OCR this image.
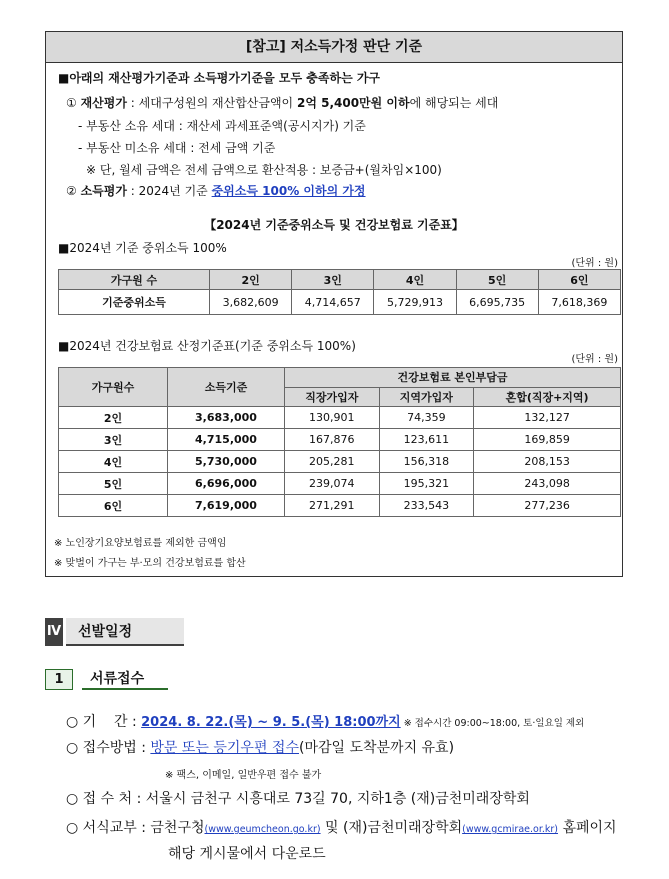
[참고] 저소득가정 판단 기준
■아래의 재산평가기준과 소득평가기준을 모두 충족하는 가구
① 재산평가 : 세대구성원의 재산합산금액이 2억 5,400만원 이하에 해당되는 세대
- 부동산 소유 세대 : 재산세 과세표준액(공시지가) 기준
- 부동산 미소유 세대 : 전세 금액 기준
※ 단, 월세 금액은 전세 금액으로 환산적용 : 보증금+(월차임×100)
② 소득평가 : 2024년 기준 중위소득 100% 이하의 가정
【2024년 기준중위소득 및 건강보험료 기준표】
■2024년 기준 중위소득 100%
(단위 : 원)
가구원 수	2인	3인	4인	5인	6인
기준중위소득	3,682,609	4,714,657	5,729,913	6,695,735	7,618,369
■2024년 건강보험료 산정기준표(기준 중위소득 100%)
(단위 : 원)
가구원수	소득기준	건강보험료 본인부담금		
		직장가입자	지역가입자	혼합(직장+지역)
2인	3,683,000	130,901	74,359	132,127
3인	4,715,000	167,876	123,611	169,859
4인	5,730,000	205,281	156,318	208,153
5인	6,696,000	239,074	195,321	243,098
6인	7,619,000	271,291	233,543	277,236
※ 노인장기요양보험료를 제외한 금액임
※ 맞벌이 가구는 부·모의 건강보험료를 합산
Ⅳ	선발일정
1	서류접수
○ 기    간 : 2024. 8. 22.(목) ~ 9. 5.(목) 18:00까지 ※ 접수시간 09:00~18:00, 토·일요일 제외
○ 접수방법 : 방문 또는 등기우편 접수(마감일 도착분까지 유효)
※ 팩스, 이메일, 일반우편 접수 불가
○ 접 수 처 : 서울시 금천구 시흥대로 73길 70, 지하1층 (재)금천미래장학회
○ 서식교부 : 금천구청(www.geumcheon.go.kr) 및 (재)금천미래장학회(www.gcmirae.or.kr) 홈페이지
해당 게시물에서 다운로드
